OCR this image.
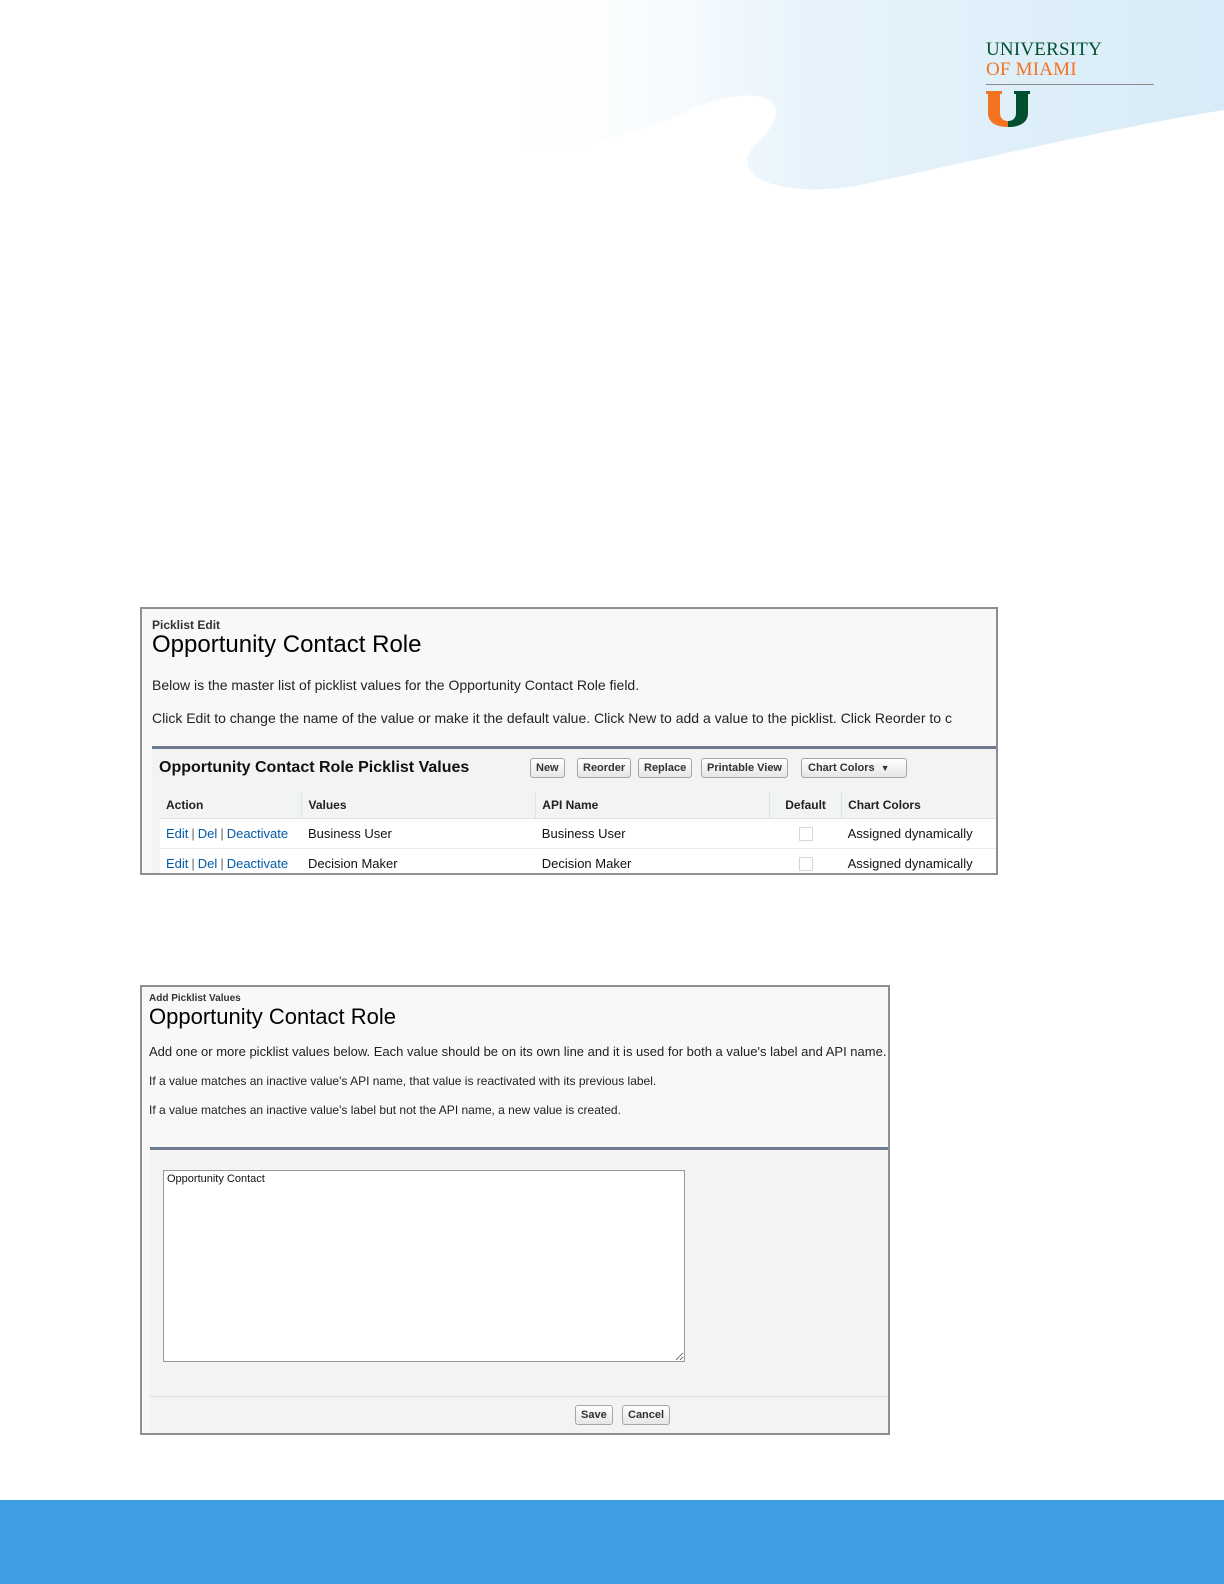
UNIVERSITY
OF MIAMI
Picklist Edit
Opportunity Contact Role
Below is the master list of picklist values for the Opportunity Contact Role field.
Click Edit to change the name of the value or make it the default value. Click New to add a value to the picklist. Click Reorder to c
Opportunity Contact Role Picklist Values	New	Reorder	Replace	Printable View	Chart Colors ▼
Action	Values	API Name	Default	Chart Colors
Edit | Del | Deactivate	Business User	Business User		Assigned dynamically
Edit | Del | Deactivate	Decision Maker	Decision Maker		Assigned dynamically
Add Picklist Values
Opportunity Contact Role
Add one or more picklist values below. Each value should be on its own line and it is used for both a value's label and API name.
If a value matches an inactive value's API name, that value is reactivated with its previous label.
If a value matches an inactive value's label but not the API name, a new value is created.
Opportunity Contact
Save	Cancel
